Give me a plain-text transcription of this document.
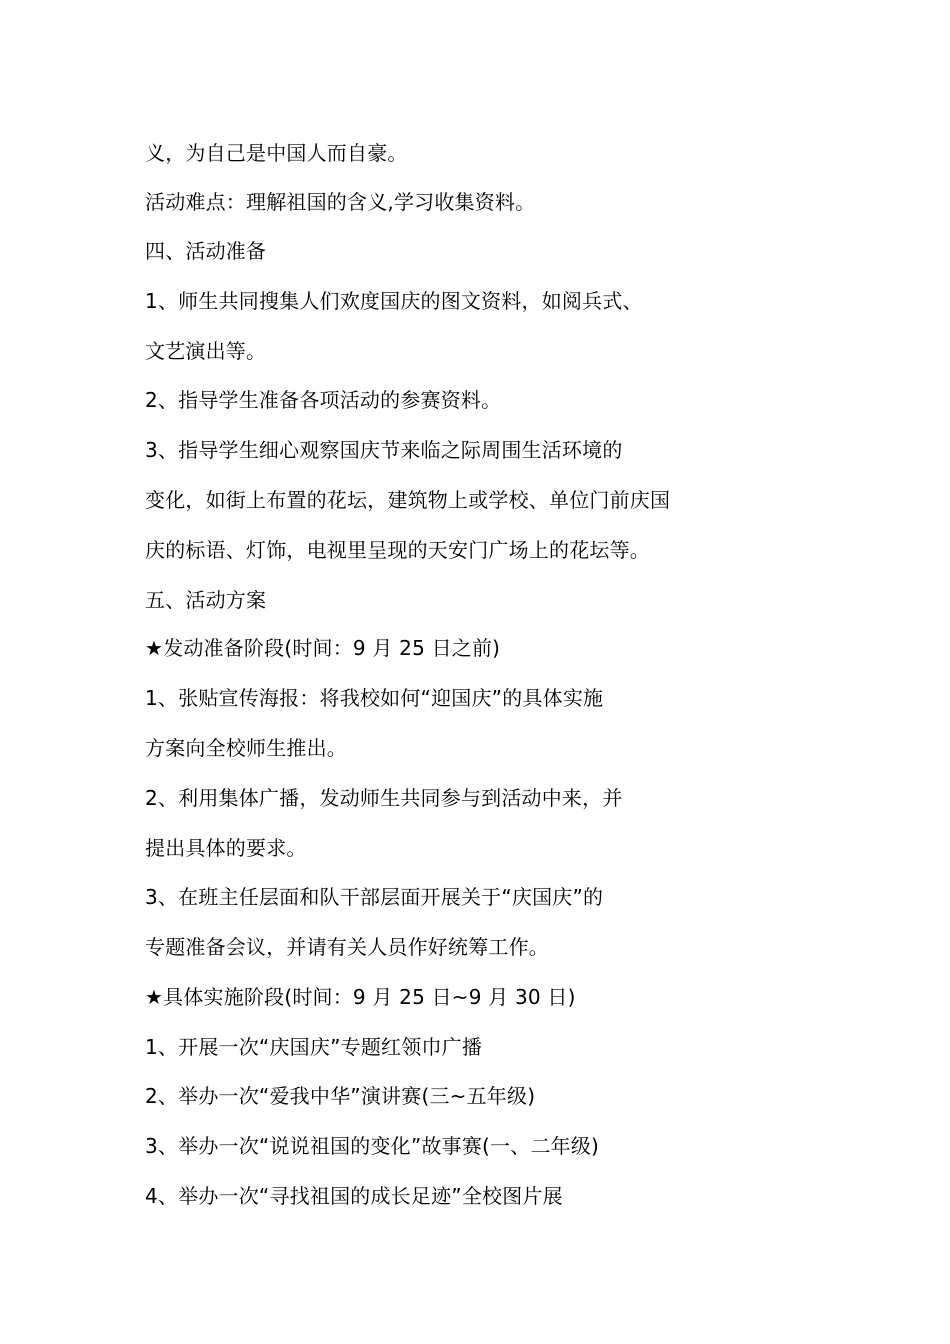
义，为自己是中国人而自豪。
活动难点：理解祖国的含义,学习收集资料。
四、活动准备
1、师生共同搜集人们欢度国庆的图文资料，如阅兵式、
文艺演出等。
2、指导学生准备各项活动的参赛资料。
3、指导学生细心观察国庆节来临之际周围生活环境的
变化，如街上布置的花坛，建筑物上或学校、单位门前庆国
庆的标语、灯饰，电视里呈现的天安门广场上的花坛等。
五、活动方案
★发动准备阶段(时间：9 月 25 日之前)
1、张贴宣传海报：将我校如何“迎国庆”的具体实施
方案向全校师生推出。
2、利用集体广播，发动师生共同参与到活动中来，并
提出具体的要求。
3、在班主任层面和队干部层面开展关于“庆国庆”的
专题准备会议，并请有关人员作好统筹工作。
★具体实施阶段(时间：9 月 25 日~9 月 30 日)
1、开展一次“庆国庆”专题红领巾广播
2、举办一次“爱我中华”演讲赛(三~五年级)
3、举办一次“说说祖国的变化”故事赛(一、二年级)
4、举办一次“寻找祖国的成长足迹”全校图片展
